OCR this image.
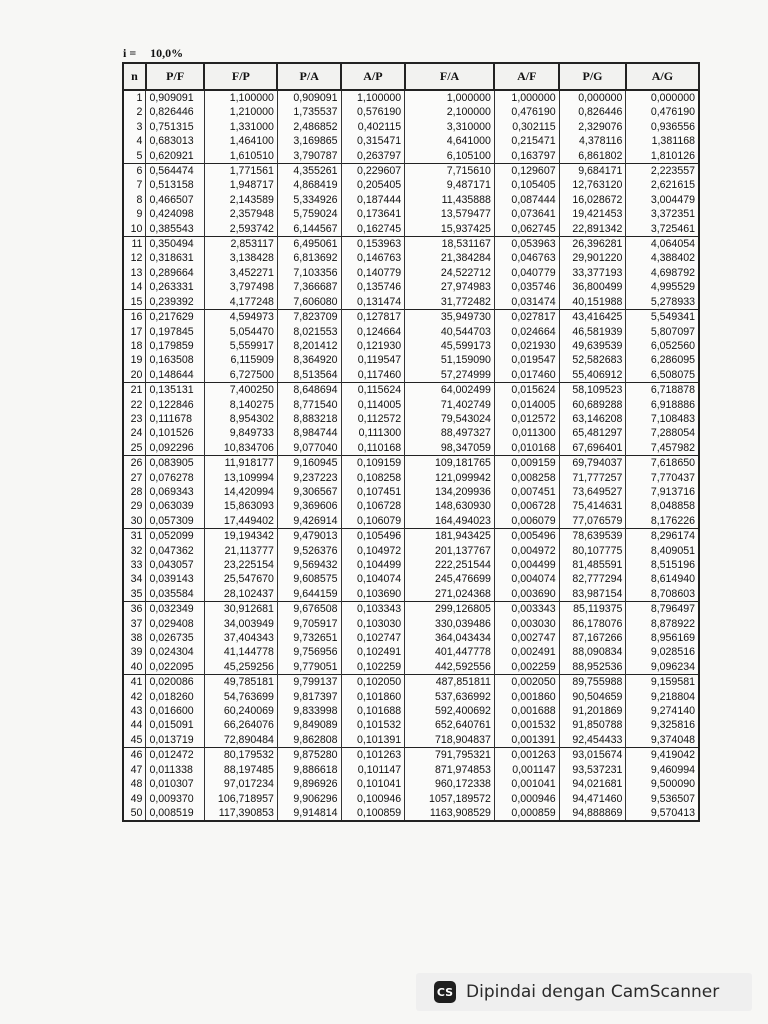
i = 10,0%
n	P/F	F/P	P/A	A/P	F/A	A/F	P/G	A/G
1	0,909091	1,100000	0,909091	1,100000	1,000000	1,000000	0,000000	0,000000
2	0,826446	1,210000	1,735537	0,576190	2,100000	0,476190	0,826446	0,476190
3	0,751315	1,331000	2,486852	0,402115	3,310000	0,302115	2,329076	0,936556
4	0,683013	1,464100	3,169865	0,315471	4,641000	0,215471	4,378116	1,381168
5	0,620921	1,610510	3,790787	0,263797	6,105100	0,163797	6,861802	1,810126
6	0,564474	1,771561	4,355261	0,229607	7,715610	0,129607	9,684171	2,223557
7	0,513158	1,948717	4,868419	0,205405	9,487171	0,105405	12,763120	2,621615
8	0,466507	2,143589	5,334926	0,187444	11,435888	0,087444	16,028672	3,004479
9	0,424098	2,357948	5,759024	0,173641	13,579477	0,073641	19,421453	3,372351
10	0,385543	2,593742	6,144567	0,162745	15,937425	0,062745	22,891342	3,725461
11	0,350494	2,853117	6,495061	0,153963	18,531167	0,053963	26,396281	4,064054
12	0,318631	3,138428	6,813692	0,146763	21,384284	0,046763	29,901220	4,388402
13	0,289664	3,452271	7,103356	0,140779	24,522712	0,040779	33,377193	4,698792
14	0,263331	3,797498	7,366687	0,135746	27,974983	0,035746	36,800499	4,995529
15	0,239392	4,177248	7,606080	0,131474	31,772482	0,031474	40,151988	5,278933
16	0,217629	4,594973	7,823709	0,127817	35,949730	0,027817	43,416425	5,549341
17	0,197845	5,054470	8,021553	0,124664	40,544703	0,024664	46,581939	5,807097
18	0,179859	5,559917	8,201412	0,121930	45,599173	0,021930	49,639539	6,052560
19	0,163508	6,115909	8,364920	0,119547	51,159090	0,019547	52,582683	6,286095
20	0,148644	6,727500	8,513564	0,117460	57,274999	0,017460	55,406912	6,508075
21	0,135131	7,400250	8,648694	0,115624	64,002499	0,015624	58,109523	6,718878
22	0,122846	8,140275	8,771540	0,114005	71,402749	0,014005	60,689288	6,918886
23	0,111678	8,954302	8,883218	0,112572	79,543024	0,012572	63,146208	7,108483
24	0,101526	9,849733	8,984744	0,111300	88,497327	0,011300	65,481297	7,288054
25	0,092296	10,834706	9,077040	0,110168	98,347059	0,010168	67,696401	7,457982
26	0,083905	11,918177	9,160945	0,109159	109,181765	0,009159	69,794037	7,618650
27	0,076278	13,109994	9,237223	0,108258	121,099942	0,008258	71,777257	7,770437
28	0,069343	14,420994	9,306567	0,107451	134,209936	0,007451	73,649527	7,913716
29	0,063039	15,863093	9,369606	0,106728	148,630930	0,006728	75,414631	8,048858
30	0,057309	17,449402	9,426914	0,106079	164,494023	0,006079	77,076579	8,176226
31	0,052099	19,194342	9,479013	0,105496	181,943425	0,005496	78,639539	8,296174
32	0,047362	21,113777	9,526376	0,104972	201,137767	0,004972	80,107775	8,409051
33	0,043057	23,225154	9,569432	0,104499	222,251544	0,004499	81,485591	8,515196
34	0,039143	25,547670	9,608575	0,104074	245,476699	0,004074	82,777294	8,614940
35	0,035584	28,102437	9,644159	0,103690	271,024368	0,003690	83,987154	8,708603
36	0,032349	30,912681	9,676508	0,103343	299,126805	0,003343	85,119375	8,796497
37	0,029408	34,003949	9,705917	0,103030	330,039486	0,003030	86,178076	8,878922
38	0,026735	37,404343	9,732651	0,102747	364,043434	0,002747	87,167266	8,956169
39	0,024304	41,144778	9,756956	0,102491	401,447778	0,002491	88,090834	9,028516
40	0,022095	45,259256	9,779051	0,102259	442,592556	0,002259	88,952536	9,096234
41	0,020086	49,785181	9,799137	0,102050	487,851811	0,002050	89,755988	9,159581
42	0,018260	54,763699	9,817397	0,101860	537,636992	0,001860	90,504659	9,218804
43	0,016600	60,240069	9,833998	0,101688	592,400692	0,001688	91,201869	9,274140
44	0,015091	66,264076	9,849089	0,101532	652,640761	0,001532	91,850788	9,325816
45	0,013719	72,890484	9,862808	0,101391	718,904837	0,001391	92,454433	9,374048
46	0,012472	80,179532	9,875280	0,101263	791,795321	0,001263	93,015674	9,419042
47	0,011338	88,197485	9,886618	0,101147	871,974853	0,001147	93,537231	9,460994
48	0,010307	97,017234	9,896926	0,101041	960,172338	0,001041	94,021681	9,500090
49	0,009370	106,718957	9,906296	0,100946	1057,189572	0,000946	94,471460	9,536507
50	0,008519	117,390853	9,914814	0,100859	1163,908529	0,000859	94,888869	9,570413
CS Dipindai dengan CamScanner
